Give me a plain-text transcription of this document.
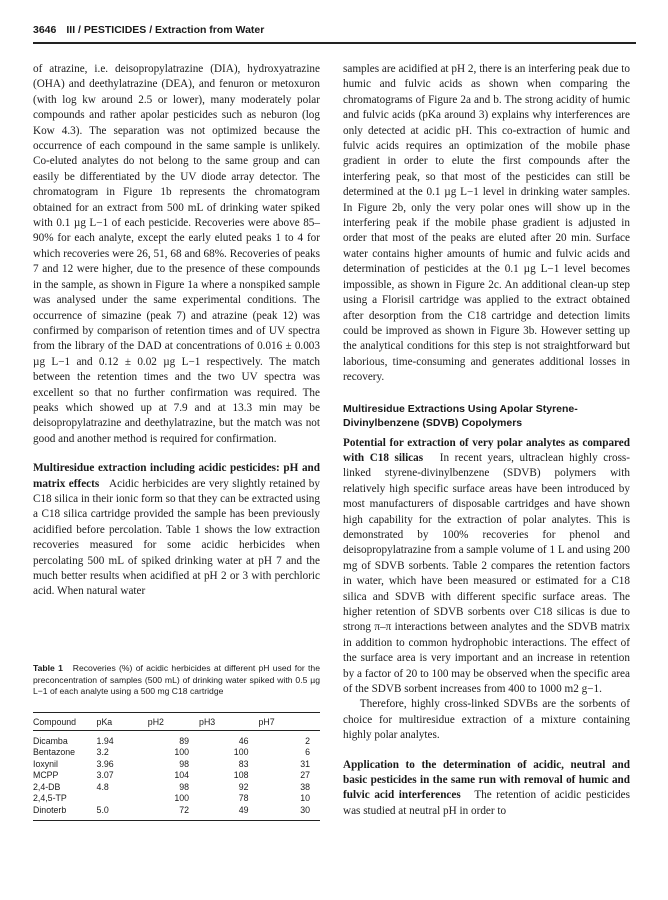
3646 III / PESTICIDES / Extraction from Water

of atrazine, i.e. deisopropylatrazine (DIA), hydroxyatrazine (OHA) and deethylatrazine (DEA), and fenuron or metoxuron (with log kw around 2.5 or lower), many moderately polar compounds and rather apolar pesticides such as neburon (log Kow 4.3). The separation was not optimized because the occurrence of each compound in the same sample is unlikely. Co-eluted analytes do not belong to the same group and can easily be differentiated by the UV diode array detector. The chromatogram in Figure 1b represents the chromatogram obtained for an extract from 500 mL of drinking water spiked with 0.1 µg L−1 of each pesticide. Recoveries were above 85–90% for each analyte, except the early eluted peaks 1 to 4 for which recoveries were 26, 51, 68 and 68%. Recoveries of peaks 7 and 12 were higher, due to the presence of these compounds in the sample, as shown in Figure 1a where a nonspiked sample was analysed under the same experimental conditions. The occurrence of simazine (peak 7) and atrazine (peak 12) was confirmed by comparison of retention times and of UV spectra from the library of the DAD at concentrations of 0.016 ± 0.003 µg L−1 and 0.12 ± 0.02 µg L−1 respectively. The match between the retention times and the two UV spectra was excellent so that no further confirmation was required. The peaks which showed up at 7.9 and at 13.3 min may be deisopropylatrazine and deethylatrazine, but the match was not good and another method is required for confirmation.

Multiresidue extraction including acidic pesticides: pH and matrix effects Acidic herbicides are very slightly retained by C18 silica in their ionic form so that they can be extracted using a C18 silica cartridge provided the sample has been previously acidified before percolation. Table 1 shows the low extraction recoveries measured for some acidic herbicides when percolating 500 mL of spiked drinking water at pH 7 and the much better results when acidified at pH 2 or 3 with perchloric acid. When natural water

Table 1 Recoveries (%) of acidic herbicides at different pH used for the preconcentration of samples (500 mL) of drinking water spiked with 0.5 µg L−1 of each analyte using a 500 mg C18 cartridge
Compound	pKa	pH2	pH3	pH7
Dicamba	1.94	89	46	2
Bentazone	3.2	100	100	6
Ioxynil	3.96	98	83	31
MCPP	3.07	104	108	27
2,4-DB	4.8	98	92	38
2,4,5-TP		100	78	10
Dinoterb	5.0	72	49	30

samples are acidified at pH 2, there is an interfering peak due to humic and fulvic acids as shown when comparing the chromatograms of Figure 2a and b. The strong acidity of humic and fulvic acids (pKa around 3) explains why interferences are only detected at acidic pH. This co-extraction of humic and fulvic acids requires an optimization of the mobile phase gradient in order to elute the first compounds after the interfering peak, so that most of the pesticides can still be determined at the 0.1 µg L−1 level in drinking water samples. In Figure 2b, only the very polar ones will show up in the interfering peak if the mobile phase gradient is adjusted in order that most of the peaks are eluted after 20 min. Surface water contains higher amounts of humic and fulvic acids and determination of pesticides at the 0.1 µg L−1 level becomes impossible, as shown in Figure 2c. An additional clean-up step using a Florisil cartridge was applied to the extract obtained after desorption from the C18 cartridge and detection limits could be improved as shown in Figure 3b. However setting up the analytical conditions for this step is not straightforward but laborious, time-consuming and generates additional losses in recovery.

Multiresidue Extractions Using Apolar Styrene-Divinylbenzene (SDVB) Copolymers

Potential for extraction of very polar analytes as compared with C18 silicas In recent years, ultraclean highly cross-linked styrene-divinylbenzene (SDVB) polymers with relatively high specific surface areas have been introduced by most manufacturers of disposable cartridges and have shown high capability for the extraction of polar analytes. This is demonstrated by 100% recoveries for phenol and deisopropylatrazine from a sample volume of 1 L and using 200 mg of SDVB sorbents. Table 2 compares the retention factors in water, which have been measured or estimated for a C18 silica and SDVB with different specific surface areas. The higher retention of SDVB sorbents over C18 silicas is due to strong π–π interactions between analytes and the SDVB matrix in addition to common hydrophobic interactions. The effect of the surface area is very important and an increase in retention by a factor of 20 to 100 may be observed when the specific area of the SDVB sorbent increases from 400 to 1000 m2 g−1.

Therefore, highly cross-linked SDVBs are the sorbents of choice for multiresidue extraction of a mixture containing highly polar analytes.

Application to the determination of acidic, neutral and basic pesticides in the same run with removal of humic and fulvic acid interferences The retention of acidic pesticides was studied at neutral pH in order to
